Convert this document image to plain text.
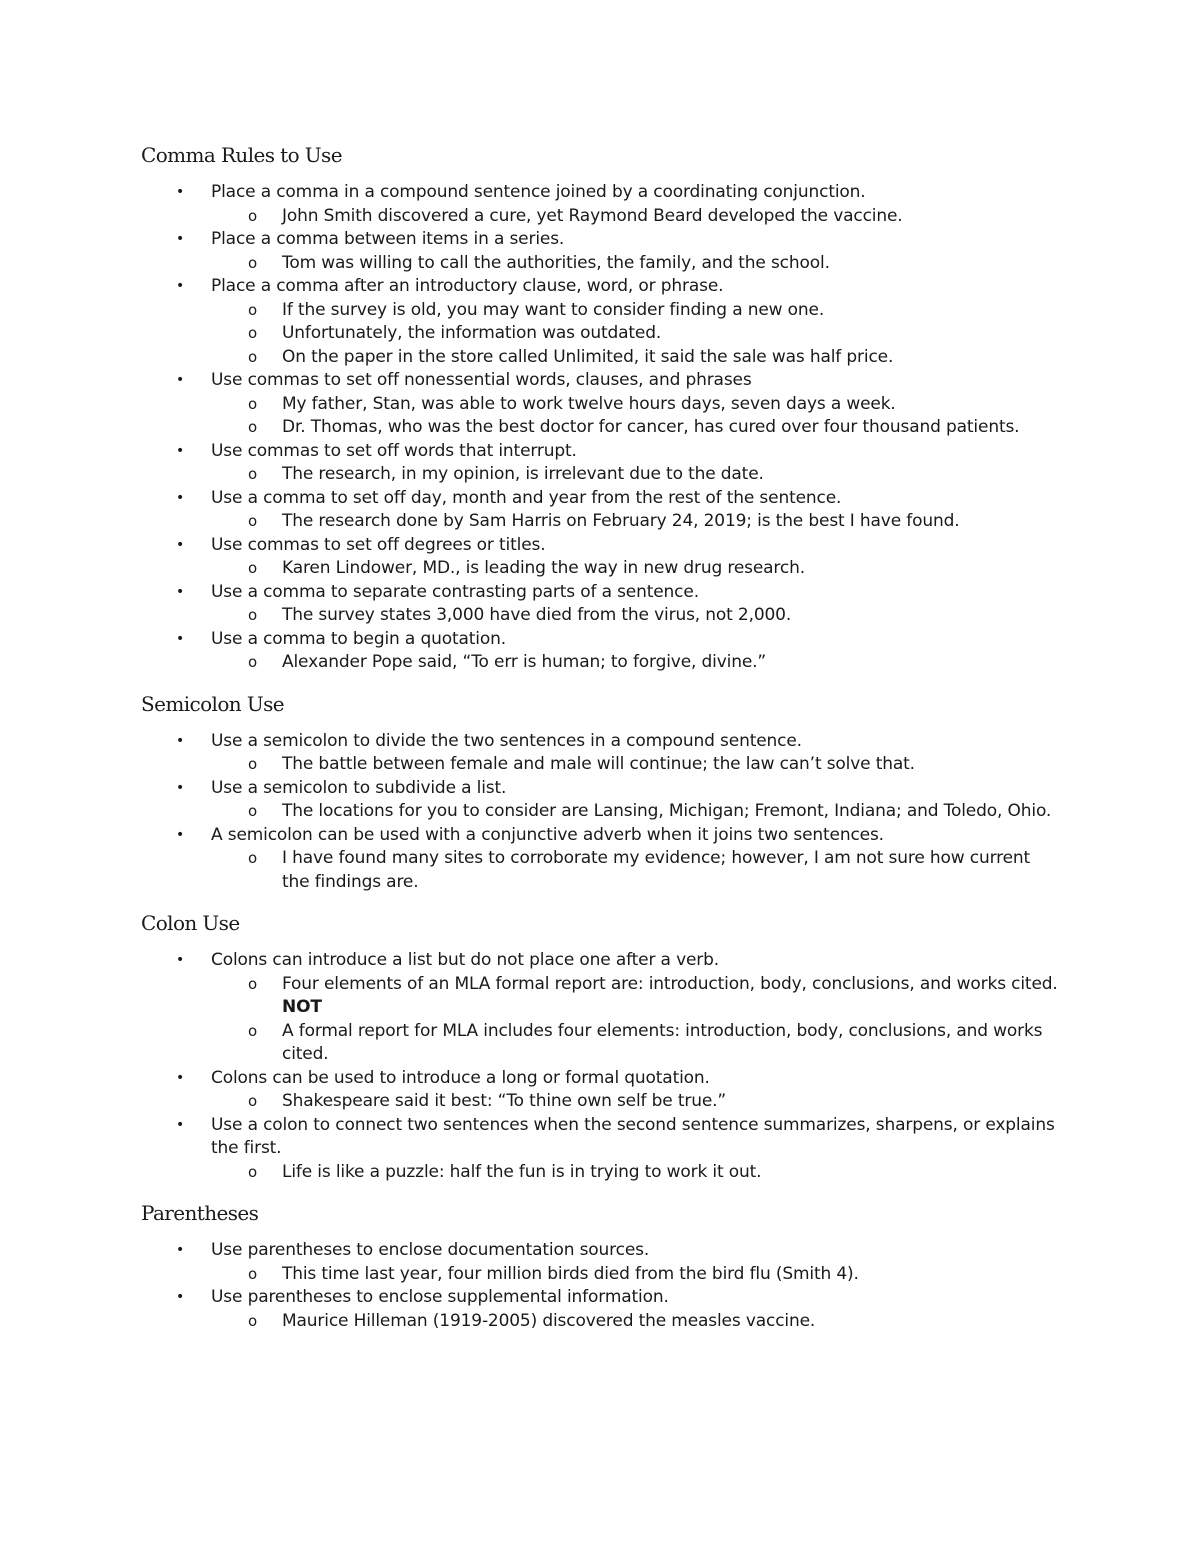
Comma Rules to Use
• Place a comma in a compound sentence joined by a coordinating conjunction.
o John Smith discovered a cure, yet Raymond Beard developed the vaccine.
• Place a comma between items in a series.
o Tom was willing to call the authorities, the family, and the school.
• Place a comma after an introductory clause, word, or phrase.
o If the survey is old, you may want to consider finding a new one.
o Unfortunately, the information was outdated.
o On the paper in the store called Unlimited, it said the sale was half price.
• Use commas to set off nonessential words, clauses, and phrases
o My father, Stan, was able to work twelve hours days, seven days a week.
o Dr. Thomas, who was the best doctor for cancer, has cured over four thousand patients.
• Use commas to set off words that interrupt.
o The research, in my opinion, is irrelevant due to the date.
• Use a comma to set off day, month and year from the rest of the sentence.
o The research done by Sam Harris on February 24, 2019; is the best I have found.
• Use commas to set off degrees or titles.
o Karen Lindower, MD., is leading the way in new drug research.
• Use a comma to separate contrasting parts of a sentence.
o The survey states 3,000 have died from the virus, not 2,000.
• Use a comma to begin a quotation.
o Alexander Pope said, “To err is human; to forgive, divine.”
Semicolon Use
• Use a semicolon to divide the two sentences in a compound sentence.
o The battle between female and male will continue; the law can’t solve that.
• Use a semicolon to subdivide a list.
o The locations for you to consider are Lansing, Michigan; Fremont, Indiana; and Toledo, Ohio.
• A semicolon can be used with a conjunctive adverb when it joins two sentences.
o I have found many sites to corroborate my evidence; however, I am not sure how current the findings are.
Colon Use
• Colons can introduce a list but do not place one after a verb.
o Four elements of an MLA formal report are: introduction, body, conclusions, and works cited. NOT
o A formal report for MLA includes four elements: introduction, body, conclusions, and works cited.
• Colons can be used to introduce a long or formal quotation.
o Shakespeare said it best: “To thine own self be true.”
• Use a colon to connect two sentences when the second sentence summarizes, sharpens, or explains the first.
o Life is like a puzzle: half the fun is in trying to work it out.
Parentheses
• Use parentheses to enclose documentation sources.
o This time last year, four million birds died from the bird flu (Smith 4).
• Use parentheses to enclose supplemental information.
o Maurice Hilleman (1919-2005) discovered the measles vaccine.
